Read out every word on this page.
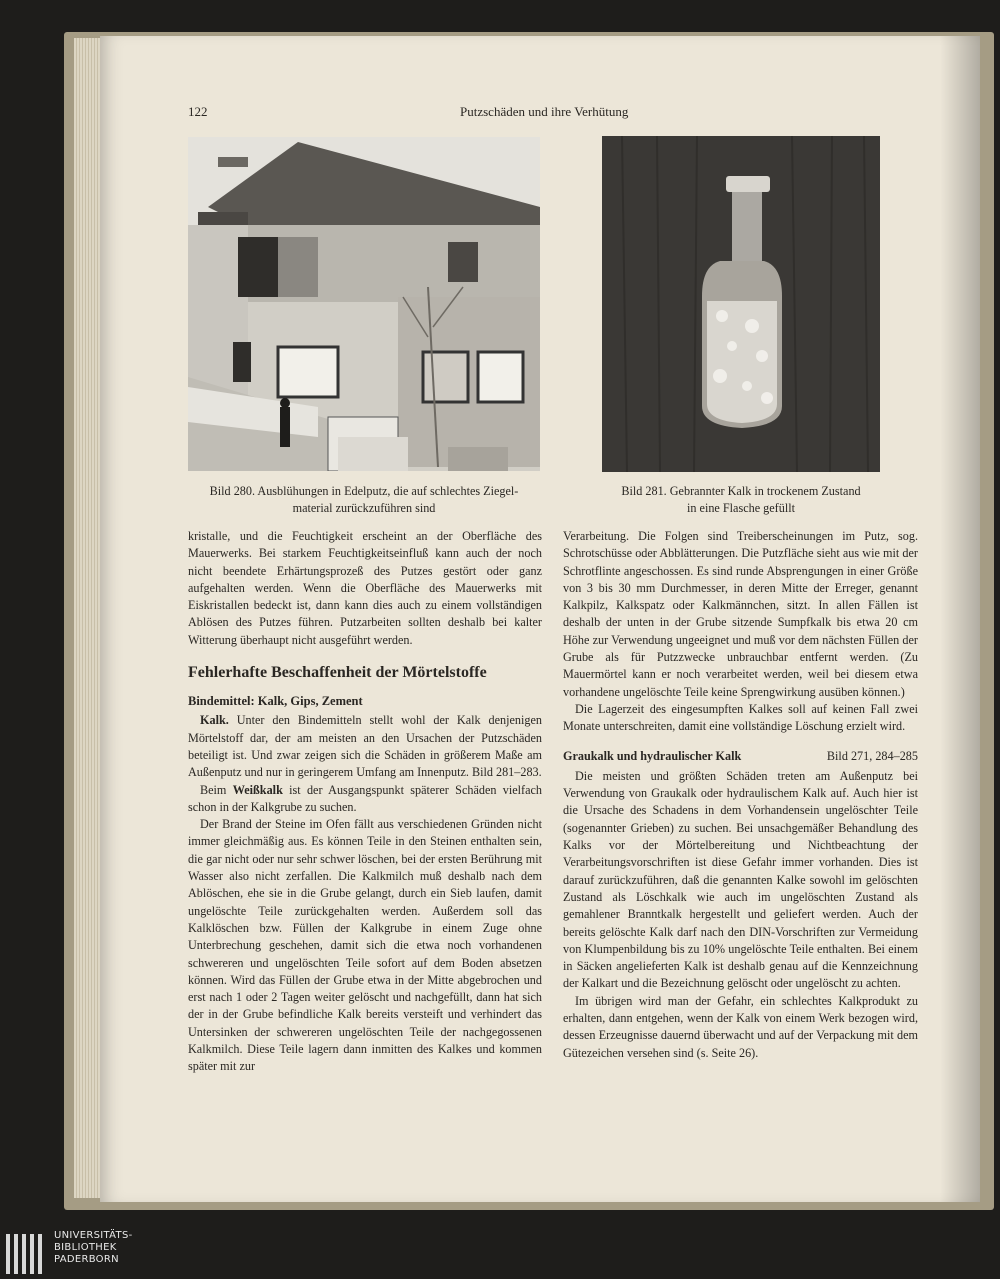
122	Putzschäden und ihre Verhütung
Bild 280. Ausblühungen in Edelputz, die auf schlechtes Ziegel-
material zurückzuführen sind
Bild 281. Gebrannter Kalk in trockenem Zustand
in eine Flasche gefüllt

kristalle, und die Feuchtigkeit erscheint an der Oberfläche des Mauerwerks. Bei starkem Feuchtigkeitseinfluß kann auch der noch nicht beendete Erhärtungsprozeß des Putzes gestört oder ganz aufgehalten werden. Wenn die Oberfläche des Mauerwerks mit Eiskristallen bedeckt ist, dann kann dies auch zu einem vollständigen Ablösen des Putzes führen. Putzarbeiten sollten deshalb bei kalter Witterung überhaupt nicht ausgeführt werden.

Fehlerhafte Beschaffenheit der Mörtelstoffe
Bindemittel: Kalk, Gips, Zement

Kalk. Unter den Bindemitteln stellt wohl der Kalk denjenigen Mörtelstoff dar, der am meisten an den Ursachen der Putzschäden beteiligt ist. Und zwar zeigen sich die Schäden in größerem Maße am Außenputz und nur in geringerem Umfang am Innenputz. Bild 281–283.

Beim Weißkalk ist der Ausgangspunkt späterer Schäden vielfach schon in der Kalkgrube zu suchen.

Der Brand der Steine im Ofen fällt aus verschiedenen Gründen nicht immer gleichmäßig aus. Es können Teile in den Steinen enthalten sein, die gar nicht oder nur sehr schwer löschen, bei der ersten Berührung mit Wasser also nicht zerfallen. Die Kalkmilch muß deshalb nach dem Ablöschen, ehe sie in die Grube gelangt, durch ein Sieb laufen, damit ungelöschte Teile zurückgehalten werden. Außerdem soll das Kalklöschen bzw. Füllen der Kalkgrube in einem Zuge ohne Unterbrechung geschehen, damit sich die etwa noch vorhandenen schwereren und ungelöschten Teile sofort auf dem Boden absetzen können. Wird das Füllen der Grube etwa in der Mitte abgebrochen und erst nach 1 oder 2 Tagen weiter gelöscht und nachgefüllt, dann hat sich der in der Grube befindliche Kalk bereits versteift und verhindert das Untersinken der schwereren ungelöschten Teile der nachgegossenen Kalkmilch. Diese Teile lagern dann inmitten des Kalkes und kommen später mit zur

Verarbeitung. Die Folgen sind Treiberscheinungen im Putz, sog. Schrotschüsse oder Abblätterungen. Die Putzfläche sieht aus wie mit der Schrotflinte angeschossen. Es sind runde Absprengungen in einer Größe von 3 bis 30 mm Durchmesser, in deren Mitte der Erreger, genannt Kalkpilz, Kalkspatz oder Kalkmännchen, sitzt. In allen Fällen ist deshalb der unten in der Grube sitzende Sumpfkalk bis etwa 20 cm Höhe zur Verwendung ungeeignet und muß vor dem nächsten Füllen der Grube als für Putzzwecke unbrauchbar entfernt werden. (Zu Mauermörtel kann er noch verarbeitet werden, weil bei diesem etwa vorhandene ungelöschte Teile keine Sprengwirkung ausüben können.)

Die Lagerzeit des eingesumpften Kalkes soll auf keinen Fall zwei Monate unterschreiten, damit eine vollständige Löschung erzielt wird.

Graukalk und hydraulischer Kalk	Bild 271, 284–285

Die meisten und größten Schäden treten am Außenputz bei Verwendung von Graukalk oder hydraulischem Kalk auf. Auch hier ist die Ursache des Schadens in dem Vorhandensein ungelöschter Teile (sogenannter Grieben) zu suchen. Bei unsachgemäßer Behandlung des Kalks vor der Mörtelbereitung und Nichtbeachtung der Verarbeitungsvorschriften ist diese Gefahr immer vorhanden. Dies ist darauf zurückzuführen, daß die genannten Kalke sowohl im gelöschten Zustand als Löschkalk wie auch im ungelöschten Zustand als gemahlener Branntkalk hergestellt und geliefert werden. Auch der bereits gelöschte Kalk darf nach den DIN-Vorschriften zur Vermeidung von Klumpenbildung bis zu 10% ungelöschte Teile enthalten. Bei einem in Säcken angelieferten Kalk ist deshalb genau auf die Kennzeichnung der Kalkart und die Bezeichnung gelöscht oder ungelöscht zu achten.

Im übrigen wird man der Gefahr, ein schlechtes Kalkprodukt zu erhalten, dann entgehen, wenn der Kalk von einem Werk bezogen wird, dessen Erzeugnisse dauernd überwacht und auf der Verpackung mit dem Gütezeichen versehen sind (s. Seite 26).

UNIVERSITÄTS-
BIBLIOTHEK
PADERBORN
